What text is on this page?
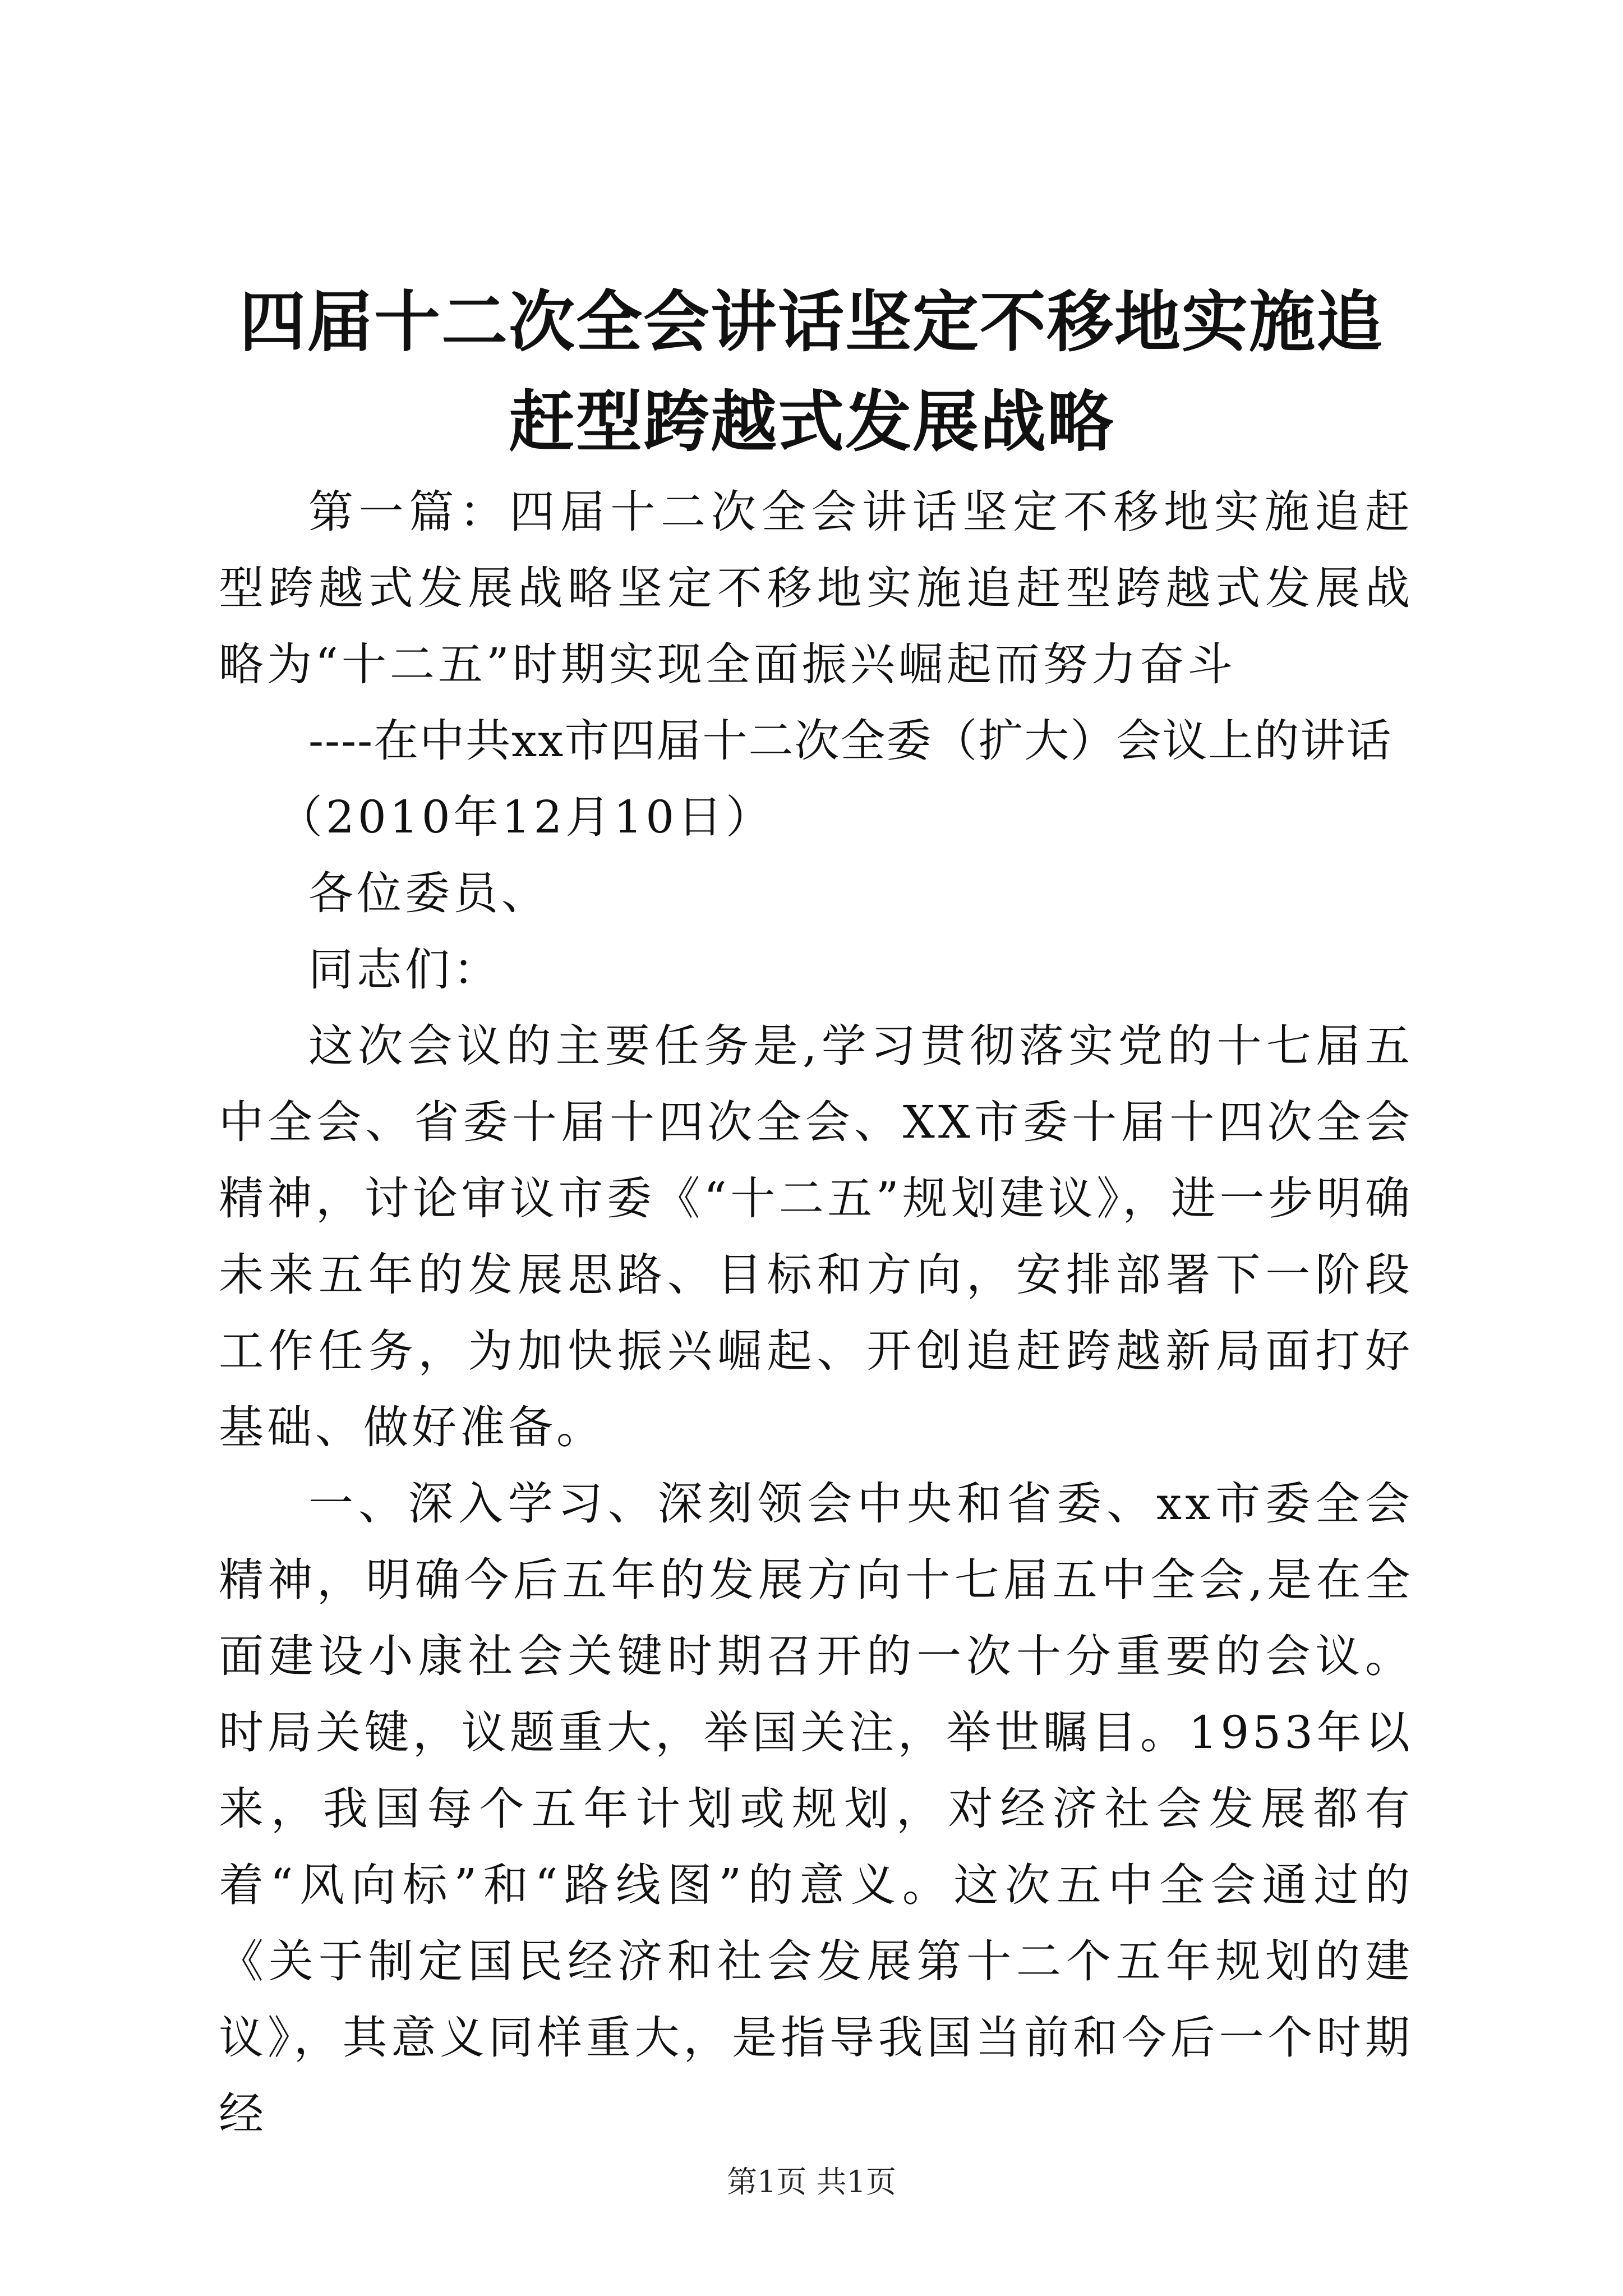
四届十二次全会讲话坚定不移地实施追赶型跨越式发展战略

第一篇：四届十二次全会讲话坚定不移地实施追赶型跨越式发展战略坚定不移地实施追赶型跨越式发展战略为“十二五”时期实现全面振兴崛起而努力奋斗

----在中共xx市四届十二次全委（扩大）会议上的讲话

（2010年12月10日）

各位委员、

同志们：

这次会议的主要任务是,学习贯彻落实党的十七届五中全会、省委十届十四次全会、XX市委十届十四次全会精神，讨论审议市委《“十二五”规划建议》，进一步明确未来五年的发展思路、目标和方向，安排部署下一阶段工作任务，为加快振兴崛起、开创追赶跨越新局面打好基础、做好准备。

一、深入学习、深刻领会中央和省委、xx市委全会精神，明确今后五年的发展方向十七届五中全会,是在全面建设小康社会关键时期召开的一次十分重要的会议。时局关键，议题重大，举国关注，举世瞩目。1953年以来，我国每个五年计划或规划，对经济社会发展都有着“风向标”和“路线图”的意义。这次五中全会通过的《关于制定国民经济和社会发展第十二个五年规划的建议》，其意义同样重大，是指导我国当前和今后一个时期经

第1页 共1页
